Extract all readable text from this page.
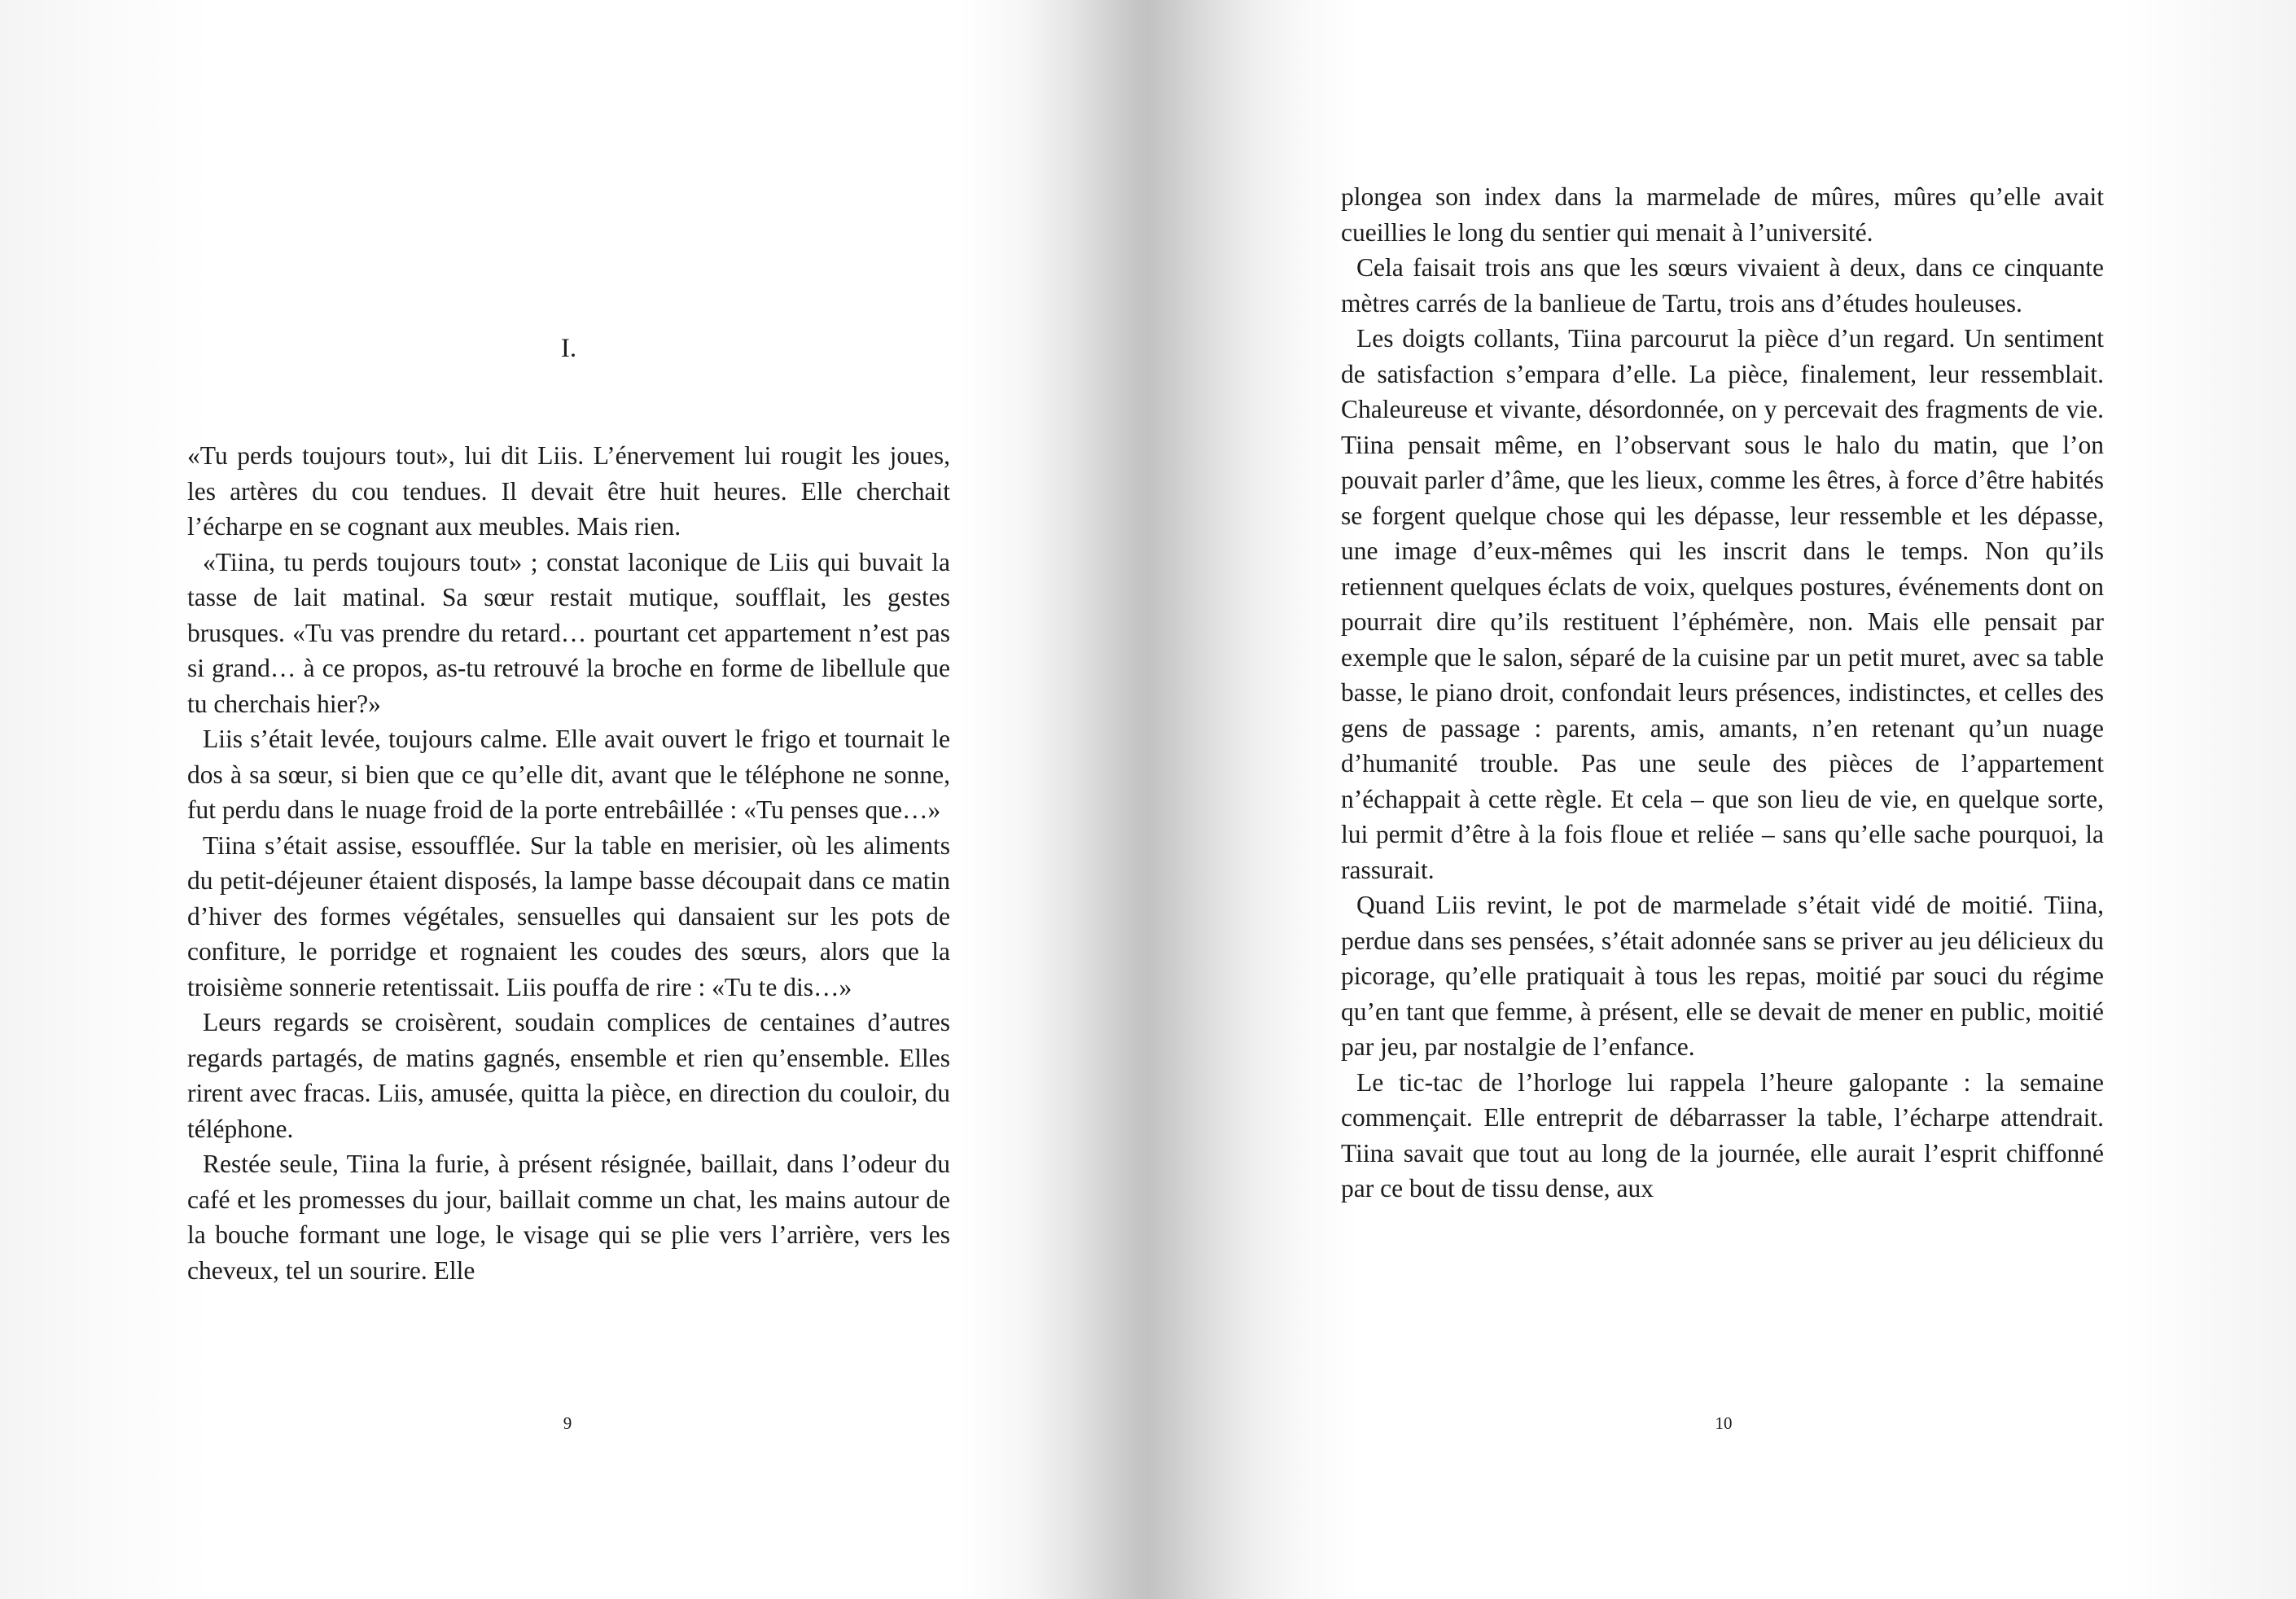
I.

«Tu perds toujours tout», lui dit Liis. L’énervement lui rougit les joues, les artères du cou tendues. Il devait être huit heures. Elle cherchait l’écharpe en se cognant aux meubles. Mais rien.

«Tiina, tu perds toujours tout» ; constat laconique de Liis qui buvait la tasse de lait matinal. Sa sœur restait mutique, soufflait, les gestes brusques. «Tu vas prendre du retard… pourtant cet appartement n’est pas si grand… à ce propos, as-tu retrouvé la broche en forme de libellule que tu cherchais hier?»

Liis s’était levée, toujours calme. Elle avait ouvert le frigo et tournait le dos à sa sœur, si bien que ce qu’elle dit, avant que le téléphone ne sonne, fut perdu dans le nuage froid de la porte entrebâillée : «Tu penses que…»

Tiina s’était assise, essoufflée. Sur la table en merisier, où les aliments du petit-déjeuner étaient disposés, la lampe basse découpait dans ce matin d’hiver des formes végétales, sensuelles qui dansaient sur les pots de confiture, le porridge et rognaient les coudes des sœurs, alors que la troisième sonnerie retentissait. Liis pouffa de rire : «Tu te dis…»

Leurs regards se croisèrent, soudain complices de centaines d’autres regards partagés, de matins gagnés, ensemble et rien qu’ensemble. Elles rirent avec fracas. Liis, amusée, quitta la pièce, en direction du couloir, du téléphone.

Restée seule, Tiina la furie, à présent résignée, baillait, dans l’odeur du café et les promesses du jour, baillait comme un chat, les mains autour de la bouche formant une loge, le visage qui se plie vers l’arrière, vers les cheveux, tel un sourire. Elle

9

plongea son index dans la marmelade de mûres, mûres qu’elle avait cueillies le long du sentier qui menait à l’université.

Cela faisait trois ans que les sœurs vivaient à deux, dans ce cinquante mètres carrés de la banlieue de Tartu, trois ans d’études houleuses.

Les doigts collants, Tiina parcourut la pièce d’un regard. Un sentiment de satisfaction s’empara d’elle. La pièce, finalement, leur ressemblait. Chaleureuse et vivante, désordonnée, on y percevait des fragments de vie. Tiina pensait même, en l’observant sous le halo du matin, que l’on pouvait parler d’âme, que les lieux, comme les êtres, à force d’être habités se forgent quelque chose qui les dépasse, leur ressemble et les dépasse, une image d’eux-mêmes qui les inscrit dans le temps. Non qu’ils retiennent quelques éclats de voix, quelques postures, événements dont on pourrait dire qu’ils restituent l’éphémère, non. Mais elle pensait par exemple que le salon, séparé de la cuisine par un petit muret, avec sa table basse, le piano droit, confondait leurs présences, indistinctes, et celles des gens de passage : parents, amis, amants, n’en retenant qu’un nuage d’humanité trouble. Pas une seule des pièces de l’appartement n’échappait à cette règle. Et cela – que son lieu de vie, en quelque sorte, lui permit d’être à la fois floue et reliée – sans qu’elle sache pourquoi, la rassurait.

Quand Liis revint, le pot de marmelade s’était vidé de moitié. Tiina, perdue dans ses pensées, s’était adonnée sans se priver au jeu délicieux du picorage, qu’elle pratiquait à tous les repas, moitié par souci du régime qu’en tant que femme, à présent, elle se devait de mener en public, moitié par jeu, par nostalgie de l’enfance.

Le tic-tac de l’horloge lui rappela l’heure galopante : la semaine commençait. Elle entreprit de débarrasser la table, l’écharpe attendrait. Tiina savait que tout au long de la journée, elle aurait l’esprit chiffonné par ce bout de tissu dense, aux

10
